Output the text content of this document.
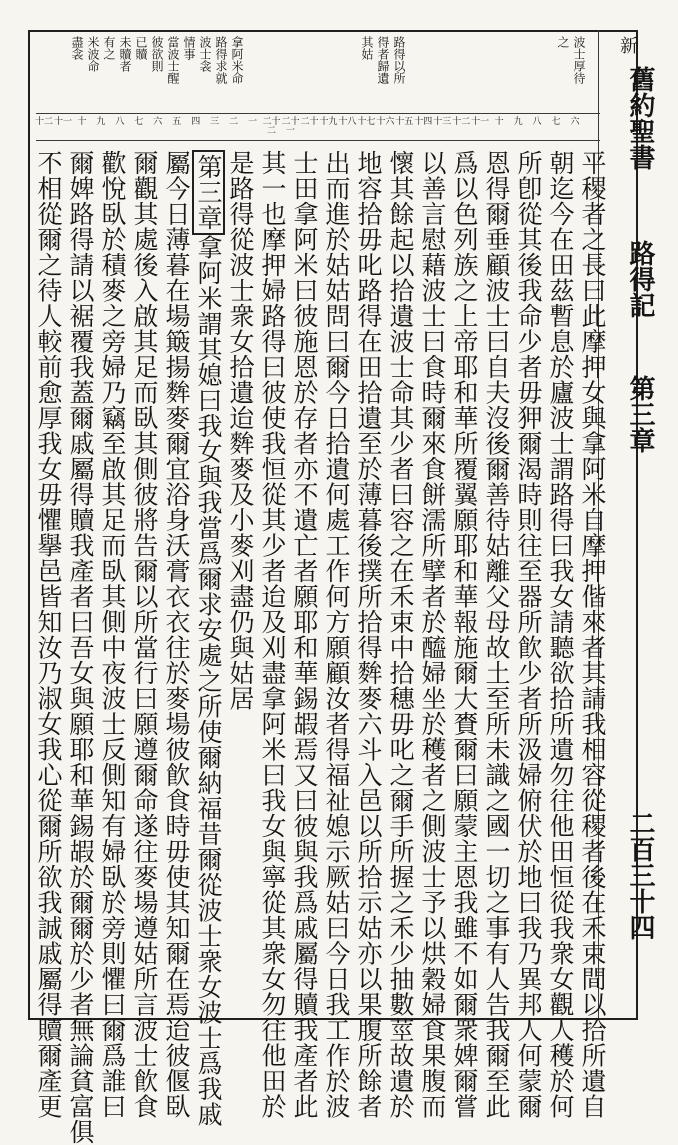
新
舊約聖書
路得記
第三章
二百三十四
波士厚待
之
路得以所
得者歸遺
其姑
拿阿米命
路得求就
波士衾
情事
當波士醒
彼欲則
已贖
未贖者
有之
米波命
盡衾
六
七
八
九
十
十一
十二
十三
十四
十五
十六
十七
十八
十九
二十
二十一
二十二
一
二
三
四
五
六
七
八
九
十
十一
十二
平稷者之長曰此摩押女與拿阿米自摩押偕來者其請我相容從稷者後在禾束間以拾所遺自
朝迄今在田茲暫息於廬波士謂路得曰我女請聽欲拾所遺勿往他田恒從我衆女觀人穫於何
所卽從其後我命少者毋狎爾渴時則往至器所飮少者所汲婦俯伏於地曰我乃異邦人何蒙爾
恩得爾垂顧波士曰自夫沒後爾善待姑離父母故土至所未識之國一切之事有人告我爾至此
爲以色列族之上帝耶和華所覆翼願耶和華報施爾大賚爾曰願蒙主恩我雖不如爾衆婢爾嘗
以善言慰藉波士曰食時爾來食餅濡所擘者於醯婦坐於穫者之側波士予以烘穀婦食果腹而
懷其餘起以拾遺波士命其少者曰容之在禾束中拾穗毋叱之爾手所握之禾少抽數莖故遺於
地容拾毋叱路得在田拾遺至於薄暮後撲所拾得麰麥六斗入邑以所拾示姑亦以果腹所餘者
出而進於姑姑問曰爾今日拾遺何處工作何方願顧汝者得福祉媳示厥姑曰今日我工作於波
士田拿阿米曰彼施恩於存者亦不遺亡者願耶和華錫嘏焉又曰彼與我爲戚屬得贖我產者此
其一也摩押婦路得曰彼使我恒從其少者迨及刈盡拿阿米曰我女與寧從其衆女勿往他田於
是路得從波士衆女拾遺迨麰麥及小麥刈盡仍與姑居
第三章拿阿米謂其媳曰我女與我當爲爾求安處之所使爾納福昔爾從波士衆女波士爲我戚
屬今日薄暮在場簸揚麰麥爾宜浴身沃膏衣衣往於麥場彼飮食時毋使其知爾在焉迨彼偃臥
爾觀其處後入啟其足而臥其側彼將告爾以所當行曰願遵爾命遂往麥場遵姑所言波士飮食
歡悅臥於積麥之旁婦乃竊至啟其足而臥其側中夜波士反側知有婦臥於旁則懼曰爾爲誰曰
爾婢路得請以裾覆我蓋爾戚屬得贖我產者曰吾女與願耶和華錫嘏於爾爾於少者無論貧富俱
不相從爾之待人較前愈厚我女毋懼擧邑皆知汝乃淑女我心從爾所欲我誠戚屬得贖爾產更
